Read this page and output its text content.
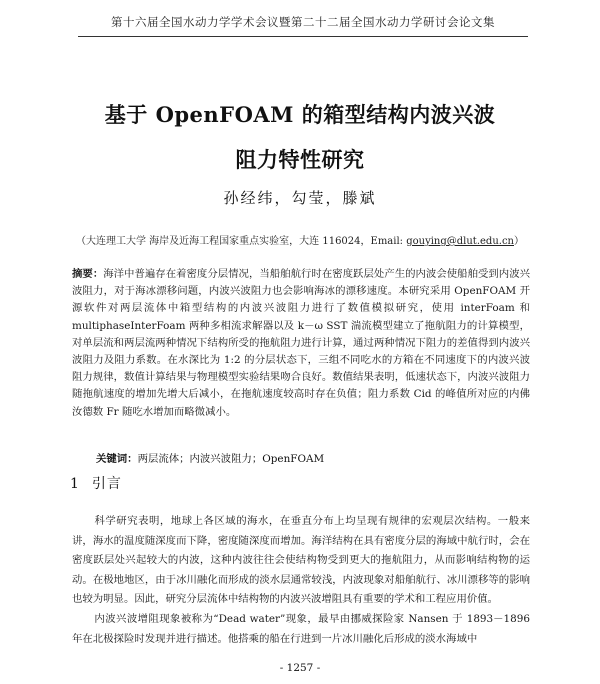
第十六届全国水动力学学术会议暨第二十二届全国水动力学研讨会论文集
基于 OpenFOAM 的箱型结构内波兴波
阻力特性研究
孙经纬，勾莹，滕斌
（大连理工大学 海岸及近海工程国家重点实验室，大连 116024，Email: gouying@dlut.edu.cn）
摘要：海洋中普遍存在着密度分层情况，当船舶航行时在密度跃层处产生的内波会使船舶受到内波兴波阻力，对于海冰漂移问题，内波兴波阻力也会影响海冰的漂移速度。本研究采用 OpenFOAM 开源软件对两层流体中箱型结构的内波兴波阻力进行了数值模拟研究，使用 interFoam 和 multiphaseInterFoam 两种多相流求解器以及 k－ω SST 湍流模型建立了拖航阻力的计算模型，对单层流和两层流两种情况下结构所受的拖航阻力进行计算，通过两种情况下阻力的差值得到内波兴波阻力及阻力系数。在水深比为 1:2 的分层状态下，三组不同吃水的方箱在不同速度下的内波兴波阻力规律，数值计算结果与物理模型实验结果吻合良好。数值结果表明，低速状态下，内波兴波阻力随拖航速度的增加先增大后减小，在拖航速度较高时存在负值；阻力系数 Cid 的峰值所对应的内佛汝德数 Fr 随吃水增加而略微减小。
关键词：两层流体；内波兴波阻力；OpenFOAM
1 引言
科学研究表明，地球上各区域的海水，在垂直分布上均呈现有规律的宏观层次结构。一般来讲，海水的温度随深度而下降，密度随深度而增加。海洋结构在具有密度分层的海域中航行时，会在密度跃层处兴起较大的内波，这种内波往往会使结构物受到更大的拖航阻力，从而影响结构物的运动。在极地地区，由于冰川融化而形成的淡水层通常较浅，内波现象对船舶航行、冰川漂移等的影响也较为明显。因此，研究分层流体中结构物的内波兴波增阻具有重要的学术和工程应用价值。
内波兴波增阻现象被称为“Dead water”现象，最早由挪威探险家 Nansen 于 1893－1896 年在北极探险时发现并进行描述。他搭乘的船在行进到一片冰川融化后形成的淡水海域中
- 1257 -
